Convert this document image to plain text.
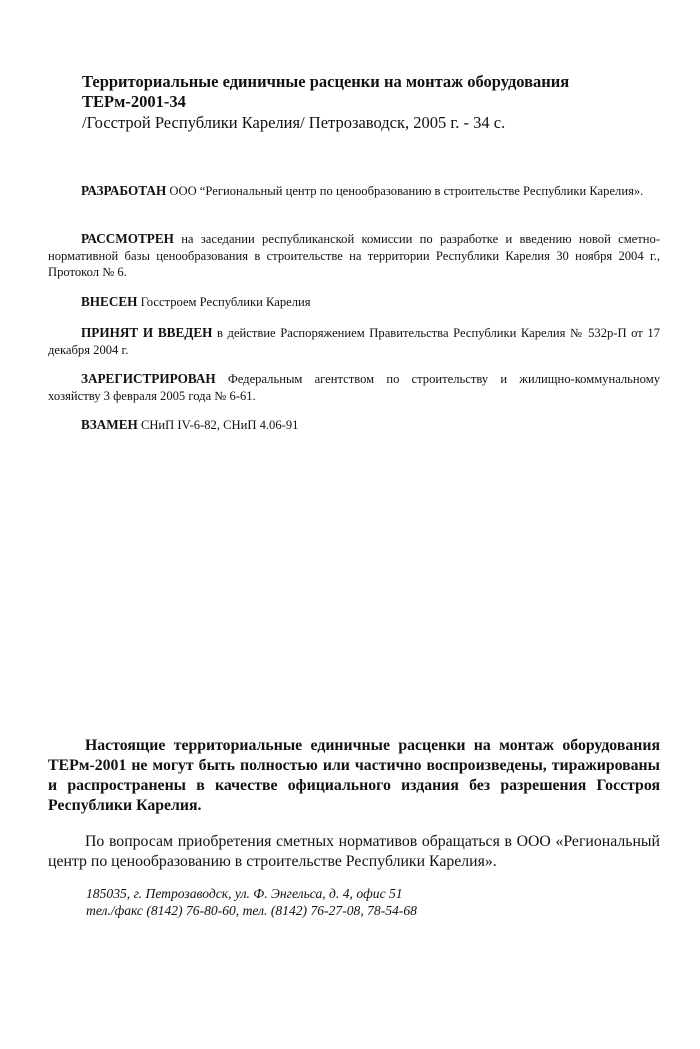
Территориальные единичные расценки на монтаж оборудования
ТЕРм-2001-34
/Госстрой Республики Карелия/ Петрозаводск, 2005 г. - 34 с.
РАЗРАБОТАН ООО “Региональный центр по ценообразованию в строительстве Республики Карелия».
РАССМОТРЕН на заседании республиканской комиссии по разработке и введению новой сметно-нормативной базы ценообразования в строительстве на территории Республики Карелия 30 ноября 2004 г., Протокол № 6.
ВНЕСЕН Госстроем Республики Карелия
ПРИНЯТ И ВВЕДЕН в действие Распоряжением Правительства Республики Карелия № 532р-П от 17 декабря 2004 г.
ЗАРЕГИСТРИРОВАН Федеральным агентством по строительству и жилищно-коммунальному хозяйству 3 февраля 2005 года № 6-61.
ВЗАМЕН СНиП IV-6-82, СНиП 4.06-91
Настоящие территориальные единичные расценки на монтаж оборудования ТЕРм-2001 не могут быть полностью или частично воспроизведены, тиражированы и распространены в качестве официального издания без разрешения Госстроя Республики Карелия.
По вопросам приобретения сметных нормативов обращаться в ООО «Региональный центр по ценообразованию в строительстве Республики Карелия».
185035, г. Петрозаводск, ул. Ф. Энгельса, д. 4, офис 51
тел./факс (8142) 76-80-60, тел. (8142) 76-27-08, 78-54-68
